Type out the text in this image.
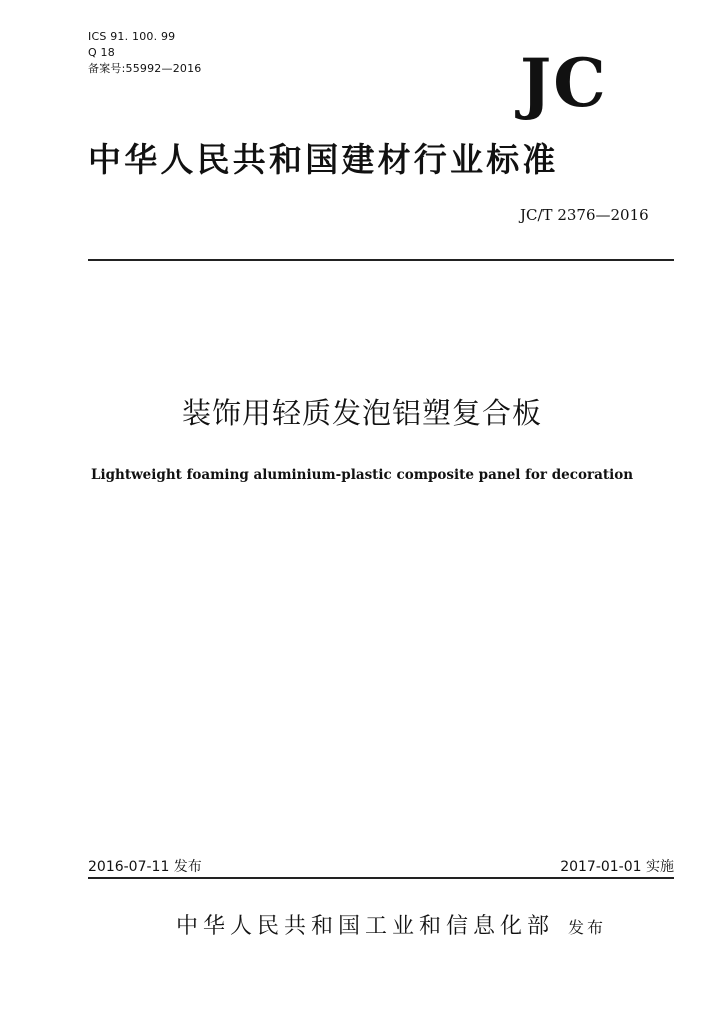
ICS 91. 100. 99
Q 18
备案号:55992—2016	JC
中华人民共和国建材行业标准
JC/T 2376—2016
装饰用轻质发泡铝塑复合板
Lightweight foaming aluminium-plastic composite panel for decoration
2016-07-11 发布	2017-01-01 实施
中华人民共和国工业和信息化部 发布
